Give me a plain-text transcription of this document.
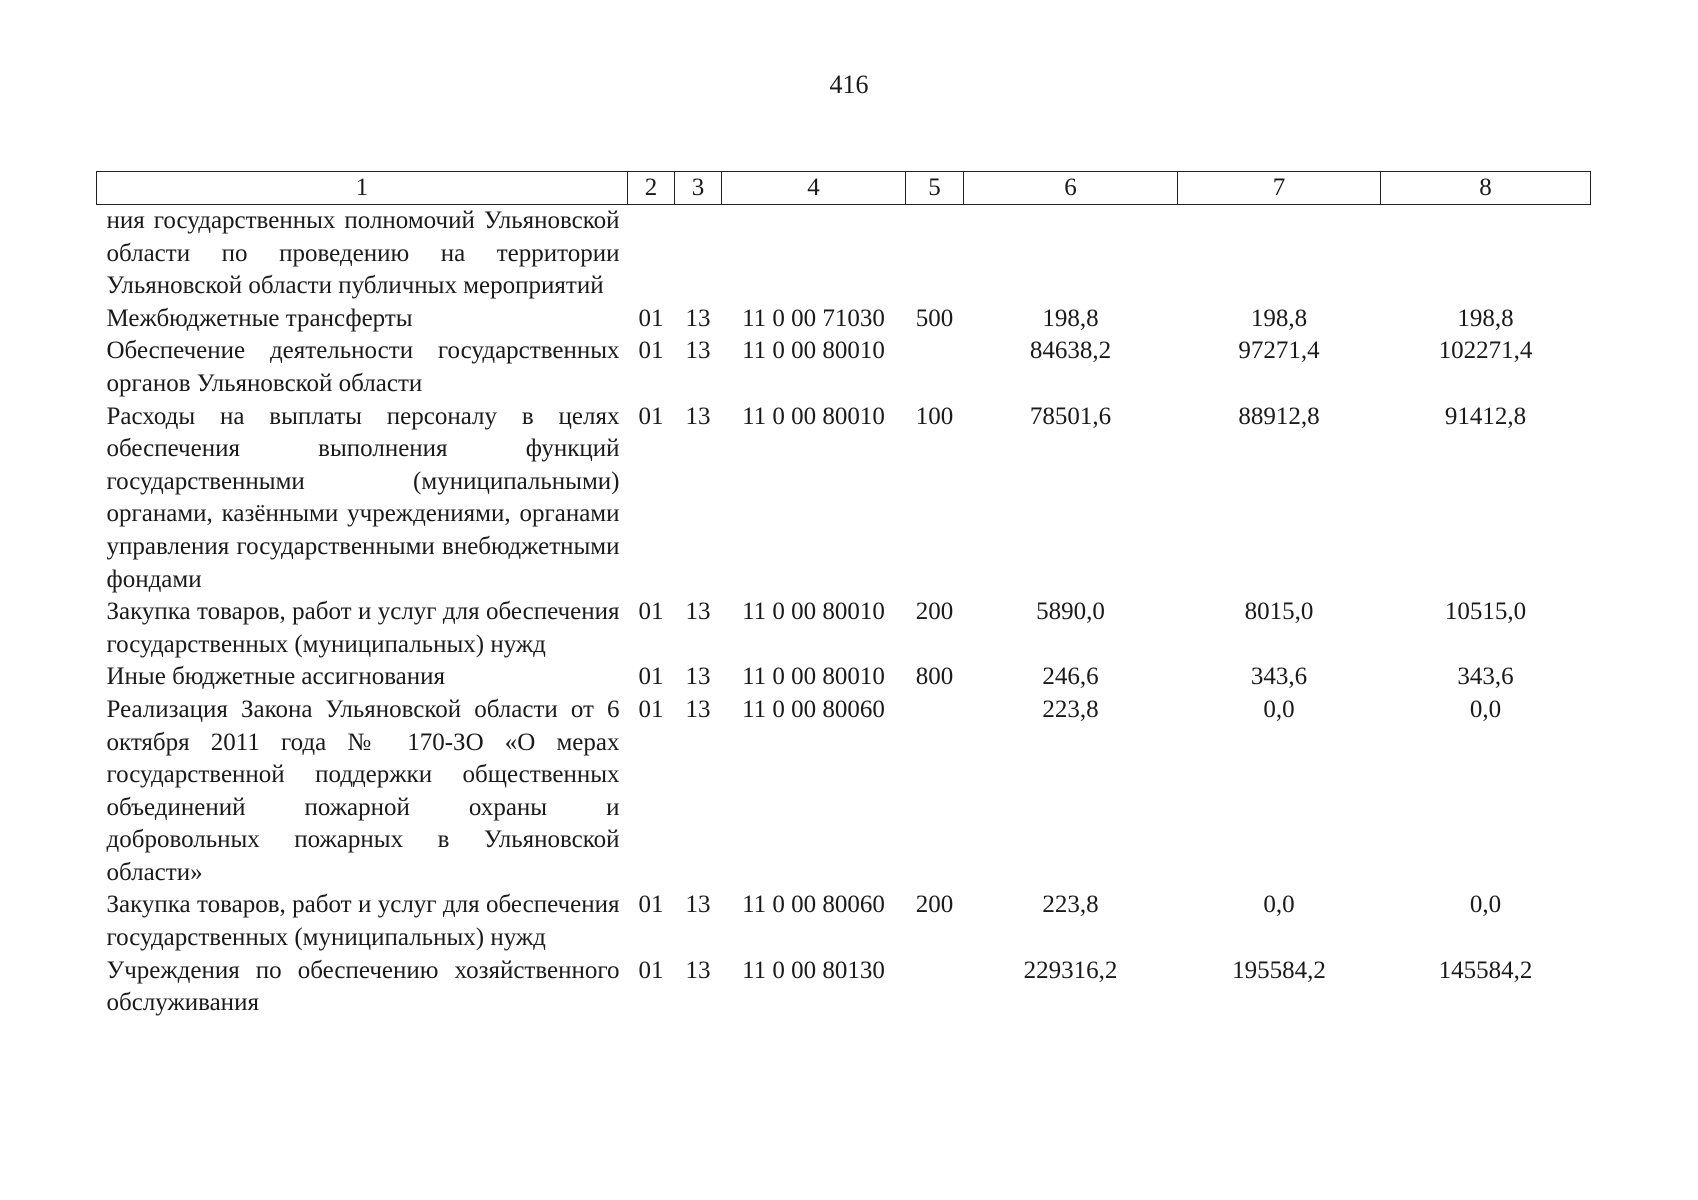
416
1	2	3	4	5	6	7	8
ния государственных полномочий Ульяновской области по проведению на территории Ульяновской области публичных мероприятий							
Межбюджетные трансферты	01	13	11 0 00 71030	500	198,8	198,8	198,8
Обеспечение деятельности государственных органов Ульяновской области	01	13	11 0 00 80010		84638,2	97271,4	102271,4
Расходы на выплаты персоналу в целях обеспечения выполнения функций государственными (муниципальными) органами, казёнными учреждениями, органами управления государственными внебюджетными фондами	01	13	11 0 00 80010	100	78501,6	88912,8	91412,8
Закупка товаров, работ и услуг для обеспечения государственных (муниципальных) нужд	01	13	11 0 00 80010	200	5890,0	8015,0	10515,0
Иные бюджетные ассигнования	01	13	11 0 00 80010	800	246,6	343,6	343,6
Реализация Закона Ульяновской области от 6 октября 2011 года № 170-ЗО «О мерах государственной поддержки общественных объединений пожарной охраны и добровольных пожарных в Ульяновской области»	01	13	11 0 00 80060		223,8	0,0	0,0
Закупка товаров, работ и услуг для обеспечения государственных (муниципальных) нужд	01	13	11 0 00 80060	200	223,8	0,0	0,0
Учреждения по обеспечению хозяйственного обслуживания	01	13	11 0 00 80130		229316,2	195584,2	145584,2
